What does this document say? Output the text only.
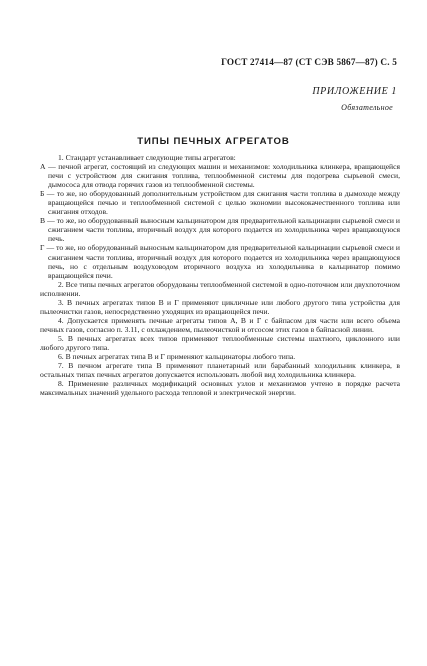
ГОСТ 27414—87 (СТ СЭВ 5867—87) С. 5
ПРИЛОЖЕНИЕ 1
Обязательное
ТИПЫ ПЕЧНЫХ АГРЕГАТОВ

1. Стандарт устанавливает следующие типы агрегатов:

А — печной агрегат, состоящий из следующих машин и механизмов: холодильника клинкера, вращающейся печи с устройством для сжигания топлива, теплообменной системы для подогрева сырьевой смеси, дымососа для отвода горячих газов из теплообменной системы.

Б — то же, но оборудованный дополнительным устройством для сжигания части топлива в дымоходе между вращающейся печью и теплообменной системой с целью экономии высококачественного топлива или сжигания отходов.

В — то же, но оборудованный выносным кальцинатором для предварительной кальцинации сырьевой смеси и сжиганием части топлива, вторичный воздух для которого подается из холодильника через вращающуюся печь.

Г — то же, но оборудованный выносным кальцинатором для предварительной кальцинации сырьевой смеси и сжиганием части топлива, вторичный воздух для которого подается из холодильника через вращающуюся печь, но с отдельным воздуховодом вторичного воздуха из холодильника в кальцинатор помимо вращающейся печи.

2. Все типы печных агрегатов оборудованы теплообменной системой в одно-поточном или двухпоточном исполнении.

3. В печных агрегатах типов В и Г применяют цикличные или любого другого типа устройства для пылеочистки газов, непосредственно уходящих из вращающейся печи.

4. Допускается применять печные агрегаты типов А, В и Г с байпасом для части или всего объема печных газов, согласно п. 3.11, с охлаждением, пылеочисткой и отсосом этих газов в байпасной линии.

5. В печных агрегатах всех типов применяют теплообменные системы шахтного, циклонного или любого другого типа.

6. В печных агрегатах типа В и Г применяют кальцинаторы любого типа.

7. В печном агрегате типа В применяют планетарный или барабанный холодильник клинкера, в остальных типах печных агрегатов допускается использовать любой вид холодильника клинкера.

8. Применение различных модификаций основных узлов и механизмов учтено в порядке расчета максимальных значений удельного расхода тепловой и электрической энергии.
